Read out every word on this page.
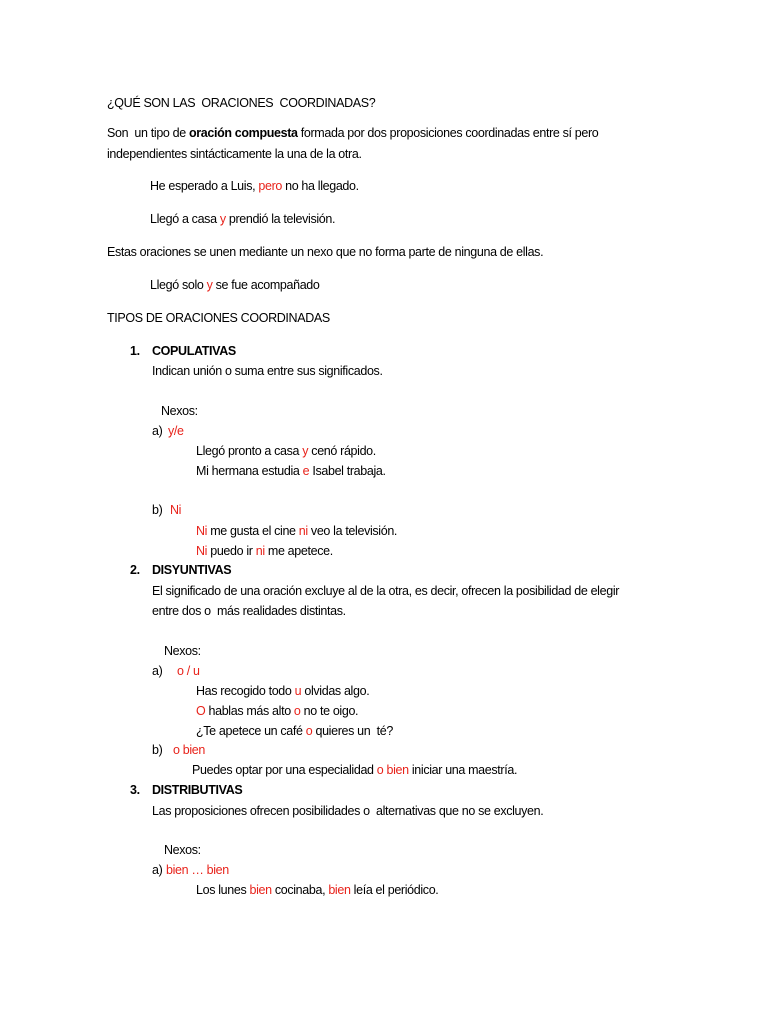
¿QUÉ SON LAS  ORACIONES  COORDINADAS?
Son  un tipo de oración compuesta formada por dos proposiciones coordinadas entre sí pero
independientes sintácticamente la una de la otra.
He esperado a Luis, pero no ha llegado.
Llegó a casa y prendió la televisión.
Estas oraciones se unen mediante un nexo que no forma parte de ninguna de ellas.
Llegó solo y se fue acompañado
TIPOS DE ORACIONES COORDINADAS
1. COPULATIVAS
Indican unión o suma entre sus significados.
Nexos:
a) y/e
Llegó pronto a casa y cenó rápido.
Mi hermana estudia e Isabel trabaja.
b) Ni
Ni me gusta el cine ni veo la televisión.
Ni puedo ir ni me apetece.
2. DISYUNTIVAS
El significado de una oración excluye al de la otra, es decir, ofrecen la posibilidad de elegir
entre dos o  más realidades distintas.
Nexos:
a) o / u
Has recogido todo u olvidas algo.
O hablas más alto o no te oigo.
¿Te apetece un café o quieres un  té?
b) o bien
Puedes optar por una especialidad o bien iniciar una maestría.
3. DISTRIBUTIVAS
Las proposiciones ofrecen posibilidades o  alternativas que no se excluyen.
Nexos:
a) bien … bien
Los lunes bien cocinaba, bien leía el periódico.
